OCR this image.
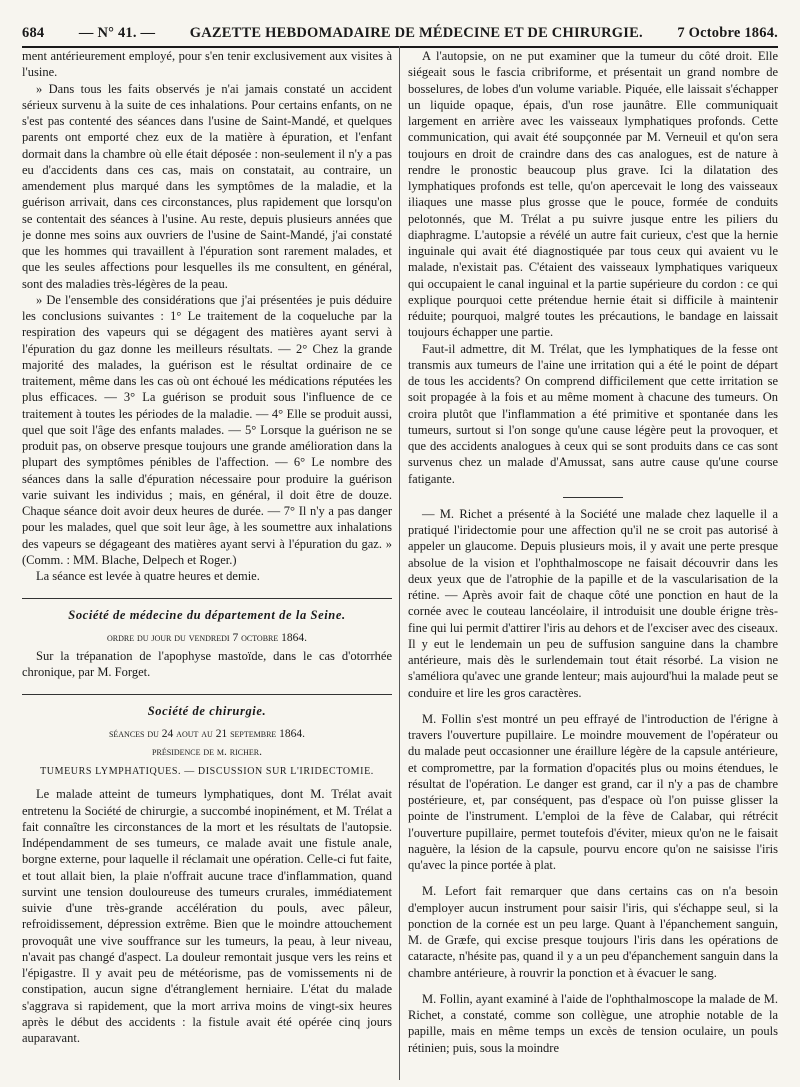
684 — N° 41. — GAZETTE HEBDOMADAIRE DE MÉDECINE ET DE CHIRURGIE. 7 Octobre 1864.

ment antérieurement employé, pour s'en tenir exclusivement aux visites à l'usine.

» Dans tous les faits observés je n'ai jamais constaté un accident sérieux survenu à la suite de ces inhalations. Pour certains enfants, on ne s'est pas contenté des séances dans l'usine de Saint-Mandé, et quelques parents ont emporté chez eux de la matière à épuration, et l'enfant dormait dans la chambre où elle était déposée : non-seulement il n'y a pas eu d'accidents dans ces cas, mais on constatait, au contraire, un amendement plus marqué dans les symptômes de la maladie, et la guérison arrivait, dans ces circonstances, plus rapidement que lorsqu'on se contentait des séances à l'usine. Au reste, depuis plusieurs années que je donne mes soins aux ouvriers de l'usine de Saint-Mandé, j'ai constaté que les hommes qui travaillent à l'épuration sont rarement malades, et que les seules affections pour lesquelles ils me consultent, en général, sont des maladies très-légères de la peau.

» De l'ensemble des considérations que j'ai présentées je puis déduire les conclusions suivantes : 1° Le traitement de la coqueluche par la respiration des vapeurs qui se dégagent des matières ayant servi à l'épuration du gaz donne les meilleurs résultats. — 2° Chez la grande majorité des malades, la guérison est le résultat ordinaire de ce traitement, même dans les cas où ont échoué les médications réputées les plus efficaces. — 3° La guérison se produit sous l'influence de ce traitement à toutes les périodes de la maladie. — 4° Elle se produit aussi, quel que soit l'âge des enfants malades. — 5° Lorsque la guérison ne se produit pas, on observe presque toujours une grande amélioration dans la plupart des symptômes pénibles de l'affection. — 6° Le nombre des séances dans la salle d'épuration nécessaire pour produire la guérison varie suivant les individus ; mais, en général, il doit être de douze. Chaque séance doit avoir deux heures de durée. — 7° Il n'y a pas danger pour les malades, quel que soit leur âge, à les soumettre aux inhalations des vapeurs se dégageant des matières ayant servi à l'épuration du gaz. » (Comm. : MM. Blache, Delpech et Roger.)

La séance est levée à quatre heures et demie.

Société de médecine du département de la Seine.
ordre du jour du vendredi 7 octobre 1864.

Sur la trépanation de l'apophyse mastoïde, dans le cas d'otorrhée chronique, par M. Forget.

Société de chirurgie.
séances du 24 aout au 21 septembre 1864.
présidence de m. richer.
TUMEURS LYMPHATIQUES. — DISCUSSION SUR L'IRIDECTOMIE.

Le malade atteint de tumeurs lymphatiques, dont M. Trélat avait entretenu la Société de chirurgie, a succombé inopinément, et M. Trélat a fait connaître les circonstances de la mort et les résultats de l'autopsie. Indépendamment de ses tumeurs, ce malade avait une fistule anale, borgne externe, pour laquelle il réclamait une opération. Celle-ci fut faite, et tout allait bien, la plaie n'offrait aucune trace d'inflammation, quand survint une tension douloureuse des tumeurs crurales, immédiatement suivie d'une très-grande accélération du pouls, avec pâleur, refroidissement, dépression extrême. Bien que le moindre attouchement provoquât une vive souffrance sur les tumeurs, la peau, à leur niveau, n'avait pas changé d'aspect. La douleur remontait jusque vers les reins et l'épigastre. Il y avait peu de météorisme, pas de vomissements ni de constipation, aucun signe d'étranglement herniaire. L'état du malade s'aggrava si rapidement, que la mort arriva moins de vingt-six heures après le début des accidents : la fistule avait été opérée cinq jours auparavant.

A l'autopsie, on ne put examiner que la tumeur du côté droit. Elle siégeait sous le fascia cribriforme, et présentait un grand nombre de bosselures, de lobes d'un volume variable. Piquée, elle laissait s'échapper un liquide opaque, épais, d'un rose jaunâtre. Elle communiquait largement en arrière avec les vaisseaux lymphatiques profonds. Cette communication, qui avait été soupçonnée par M. Verneuil et qu'on sera toujours en droit de craindre dans des cas analogues, est de nature à rendre le pronostic beaucoup plus grave. Ici la dilatation des lymphatiques profonds est telle, qu'on apercevait le long des vaisseaux iliaques une masse plus grosse que le pouce, formée de conduits pelotonnés, que M. Trélat a pu suivre jusque entre les piliers du diaphragme. L'autopsie a révélé un autre fait curieux, c'est que la hernie inguinale qui avait été diagnostiquée par tous ceux qui avaient vu le malade, n'existait pas. C'étaient des vaisseaux lymphatiques variqueux qui occupaient le canal inguinal et la partie supérieure du cordon : ce qui explique pourquoi cette prétendue hernie était si difficile à maintenir réduite; pourquoi, malgré toutes les précautions, le bandage en laissait toujours échapper une partie.

Faut-il admettre, dit M. Trélat, que les lymphatiques de la fesse ont transmis aux tumeurs de l'aine une irritation qui a été le point de départ de tous les accidents? On comprend difficilement que cette irritation se soit propagée à la fois et au même moment à chacune des tumeurs. On croira plutôt que l'inflammation a été primitive et spontanée dans les tumeurs, surtout si l'on songe qu'une cause légère peut la provoquer, et que des accidents analogues à ceux qui se sont produits dans ce cas sont survenus chez un malade d'Amussat, sans autre cause qu'une course fatigante.

— M. Richet a présenté à la Société une malade chez laquelle il a pratiqué l'iridectomie pour une affection qu'il ne se croit pas autorisé à appeler un glaucome. Depuis plusieurs mois, il y avait une perte presque absolue de la vision et l'ophthalmoscope ne faisait découvrir dans les deux yeux que de l'atrophie de la papille et de la vascularisation de la rétine. — Après avoir fait de chaque côté une ponction en haut de la cornée avec le couteau lancéolaire, il introduisit une double érigne très-fine qui lui permit d'attirer l'iris au dehors et de l'exciser avec des ciseaux. Il y eut le lendemain un peu de suffusion sanguine dans la chambre antérieure, mais dès le surlendemain tout était résorbé. La vision ne s'améliora qu'avec une grande lenteur; mais aujourd'hui la malade peut se conduire et lire les gros caractères.

M. Follin s'est montré un peu effrayé de l'introduction de l'érigne à travers l'ouverture pupillaire. Le moindre mouvement de l'opérateur ou du malade peut occasionner une éraillure légère de la capsule antérieure, et compromettre, par la formation d'opacités plus ou moins étendues, le résultat de l'opération. Le danger est grand, car il n'y a pas de chambre postérieure, et, par conséquent, pas d'espace où l'on puisse glisser la pointe de l'instrument. L'emploi de la fève de Calabar, qui rétrécit l'ouverture pupillaire, permet toutefois d'éviter, mieux qu'on ne le faisait naguère, la lésion de la capsule, pourvu encore qu'on ne saisisse l'iris qu'avec la pince portée à plat.

M. Lefort fait remarquer que dans certains cas on n'a besoin d'employer aucun instrument pour saisir l'iris, qui s'échappe seul, si la ponction de la cornée est un peu large. Quant à l'épanchement sanguin, M. de Græfe, qui excise presque toujours l'iris dans les opérations de cataracte, n'hésite pas, quand il y a un peu d'épanchement sanguin dans la chambre antérieure, à rouvrir la ponction et à évacuer le sang.

M. Follin, ayant examiné à l'aide de l'ophthalmoscope la malade de M. Richet, a constaté, comme son collègue, une atrophie notable de la papille, mais en même temps un excès de tension oculaire, un pouls rétinien; puis, sous la moindre
